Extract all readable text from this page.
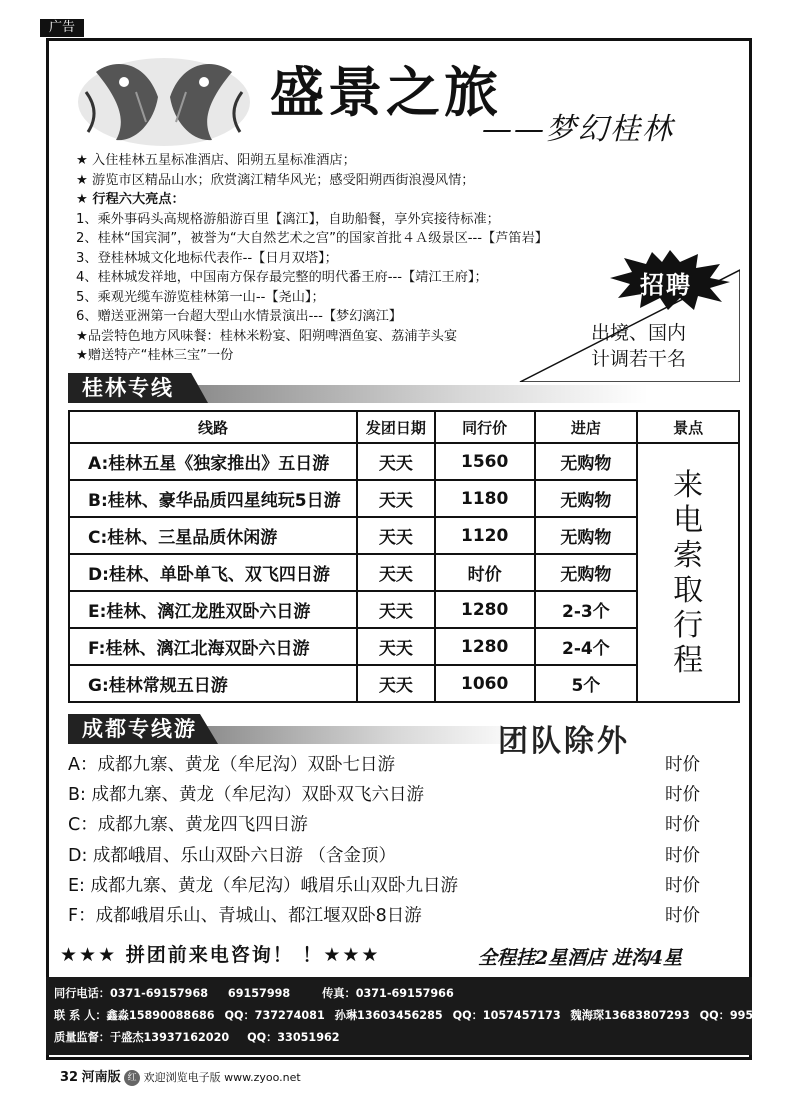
广告
盛景之旅
——梦幻桂林
★ 入住桂林五星标准酒店、阳朔五星标准酒店；
★ 游览市区精品山水；欣赏漓江精华风光；感受阳朔西街浪漫风情；
★ 行程六大亮点：
1、乘外事码头高规格游船游百里【漓江】，自助船餐，享外宾接待标准；
2、桂林“国宾洞”，被誉为“大自然艺术之宫”的国家首批４Ａ级景区---【芦笛岩】
3、登桂林城文化地标代表作--【日月双塔】；
4、桂林城发祥地，中国南方保存最完整的明代番王府---【靖江王府】；
5、乘观光缆车游览桂林第一山--【尧山】；
6、赠送亚洲第一台超大型山水情景演出---【梦幻漓江】
★品尝特色地方风味餐：桂林米粉宴、阳朔啤酒鱼宴、荔浦芋头宴
★赠送特产“桂林三宝”一份
招聘
出境、国内
计调若干名
桂林专线
线路	发团日期	同行价	进店	景点
A:桂林五星《独家推出》五日游	天天	1560	无购物	来电索取行程

B:桂林、豪华品质四星纯玩5日游	天天	1180	无购物	
C:桂林、三星品质休闲游	天天	1120	无购物	
D:桂林、单卧单飞、双飞四日游	天天	时价	无购物	
E:桂林、漓江龙胜双卧六日游	天天	1280	2-3个	
F:桂林、漓江北海双卧六日游	天天	1280	2-4个	
G:桂林常规五日游	天天	1060	5个	
成都专线游	团队除外
A：成都九寨、黄龙（牟尼沟）双卧七日游	时价
B: 成都九寨、黄龙（牟尼沟）双卧双飞六日游	时价
C：成都九寨、黄龙四飞四日游	时价
D: 成都峨眉、乐山双卧六日游 （含金顶）	时价
E: 成都九寨、黄龙（牟尼沟）峨眉乐山双卧九日游	时价
F：成都峨眉乐山、青城山、都江堰双卧8日游	时价
★★★ 拼团前来电咨询！ ！★★★	全程挂2星酒店 进沟4星
同行电话：0371-69157968 69157998	传真：0371-69157966
联 系 人：鑫淼15890088686 QQ：737274081 孙琳13603456285 QQ：1057457173 魏海琛13683807293 QQ：995207789
质量监督：于盛杰13937162020 QQ：33051962
32 河南版 红 欢迎浏览电子版 www.zyoo.net
